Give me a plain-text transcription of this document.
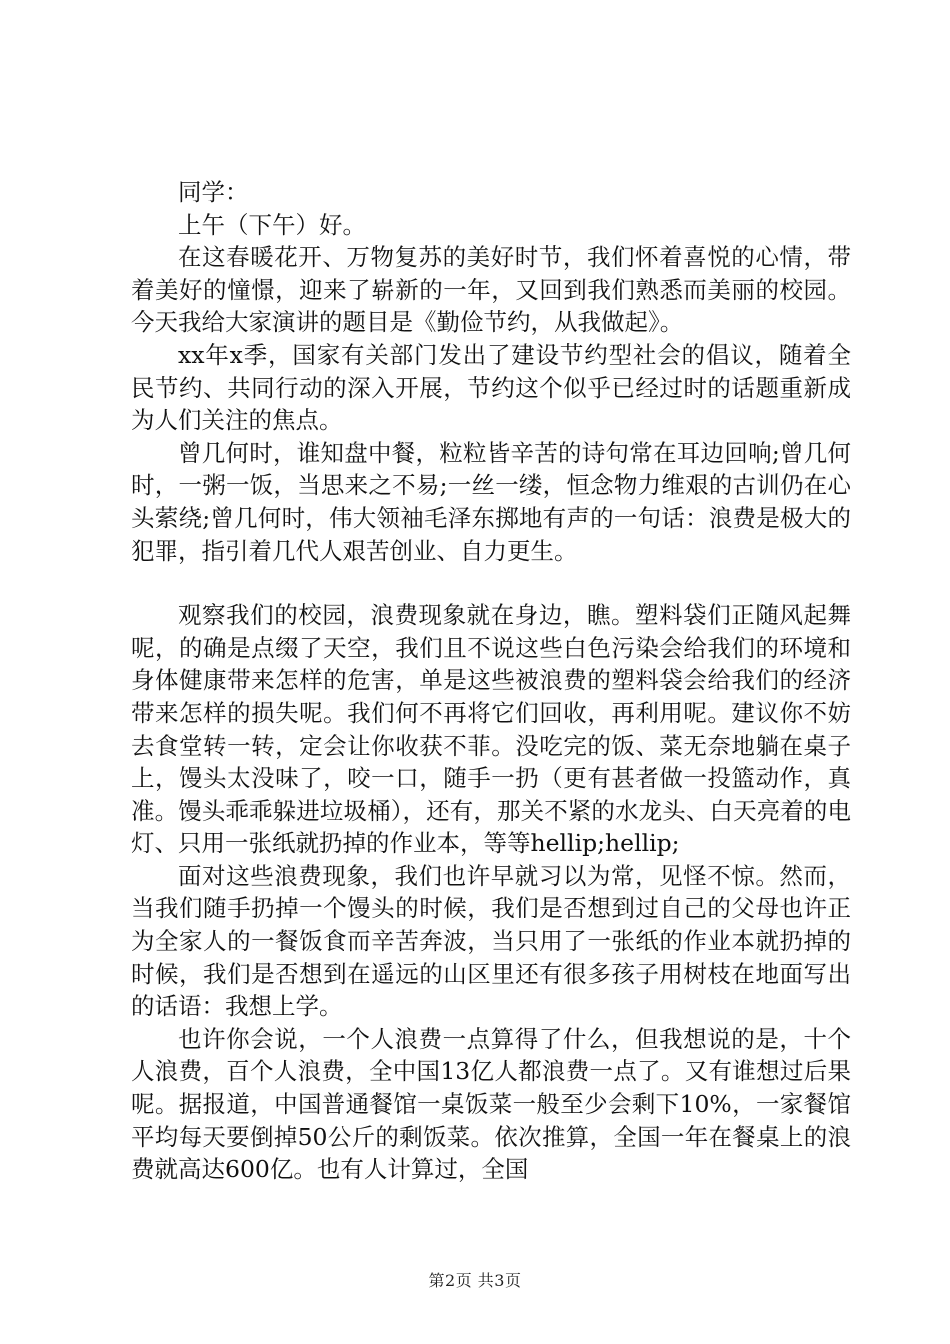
同学：

上午（下午）好。

在这春暖花开、万物复苏的美好时节，我们怀着喜悦的心情，带着美好的憧憬，迎来了崭新的一年，又回到我们熟悉而美丽的校园。今天我给大家演讲的题目是《勤俭节约，从我做起》。

xx年x季，国家有关部门发出了建设节约型社会的倡议，随着全民节约、共同行动的深入开展，节约这个似乎已经过时的话题重新成为人们关注的焦点。

曾几何时，谁知盘中餐，粒粒皆辛苦的诗句常在耳边回响;曾几何时，一粥一饭，当思来之不易;一丝一缕，恒念物力维艰的古训仍在心头萦绕;曾几何时，伟大领袖毛泽东掷地有声的一句话：浪费是极大的犯罪，指引着几代人艰苦创业、自力更生。

观察我们的校园，浪费现象就在身边，瞧。塑料袋们正随风起舞呢，的确是点缀了天空，我们且不说这些白色污染会给我们的环境和身体健康带来怎样的危害，单是这些被浪费的塑料袋会给我们的经济带来怎样的损失呢。我们何不再将它们回收，再利用呢。建议你不妨去食堂转一转，定会让你收获不菲。没吃完的饭、菜无奈地躺在桌子上，馒头太没味了，咬一口，随手一扔（更有甚者做一投篮动作，真准。馒头乖乖躲进垃圾桶），还有，那关不紧的水龙头、白天亮着的电灯、只用一张纸就扔掉的作业本，等等hellip;hellip;

面对这些浪费现象，我们也许早就习以为常，见怪不惊。然而，当我们随手扔掉一个馒头的时候，我们是否想到过自己的父母也许正为全家人的一餐饭食而辛苦奔波，当只用了一张纸的作业本就扔掉的时候，我们是否想到在遥远的山区里还有很多孩子用树枝在地面写出的话语：我想上学。

也许你会说，一个人浪费一点算得了什么，但我想说的是，十个人浪费，百个人浪费，全中国13亿人都浪费一点了。又有谁想过后果呢。据报道，中国普通餐馆一桌饭菜一般至少会剩下10%，一家餐馆平均每天要倒掉50公斤的剩饭菜。依次推算，全国一年在餐桌上的浪费就高达600亿。也有人计算过，全国

第2页 共3页
